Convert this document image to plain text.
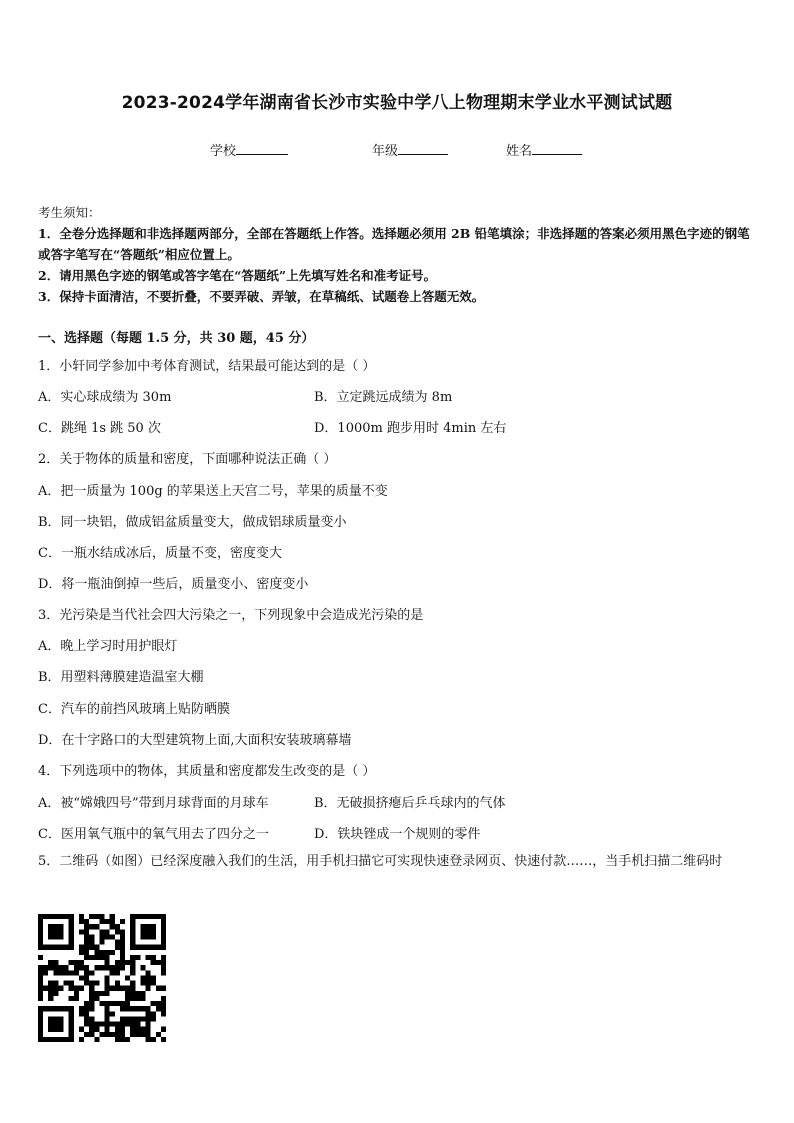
2023-2024学年湖南省长沙市实验中学八上物理期末学业水平测试试题
学校	年级	姓名
考生须知：
1．全卷分选择题和非选择题两部分，全部在答题纸上作答。选择题必须用 2B 铅笔填涂；非选择题的答案必须用黑色字迹的钢笔或答字笔写在“答题纸”相应位置上。
2．请用黑色字迹的钢笔或答字笔在“答题纸”上先填写姓名和准考证号。
3．保持卡面清洁，不要折叠，不要弄破、弄皱，在草稿纸、试题卷上答题无效。
一、选择题（每题 1.5 分，共 30 题，45 分）
1．小轩同学参加中考体育测试，结果最可能达到的是（ ）
A．实心球成绩为 30m	B．立定跳远成绩为 8m
C．跳绳 1s 跳 50 次	D．1000m 跑步用时 4min 左右
2．关于物体的质量和密度，下面哪种说法正确（ ）
A．把一质量为 100g 的苹果送上天宫二号，苹果的质量不变
B．同一块铝，做成铝盆质量变大，做成铝球质量变小
C．一瓶水结成冰后，质量不变，密度变大
D．将一瓶油倒掉一些后，质量变小、密度变小
3．光污染是当代社会四大污染之一，下列现象中会造成光污染的是
A．晚上学习时用护眼灯
B．用塑料薄膜建造温室大棚
C．汽车的前挡风玻璃上贴防晒膜
D．在十字路口的大型建筑物上面,大面积安装玻璃幕墙
4．下列选项中的物体，其质量和密度都发生改变的是（ ）
A．被“嫦娥四号”带到月球背面的月球车	B．无破损挤瘪后乒乓球内的气体
C．医用氧气瓶中的氧气用去了四分之一	D．铁块锉成一个规则的零件
5．二维码（如图）已经深度融入我们的生活，用手机扫描它可实现快速登录网页、快速付款……，当手机扫描二维码时
